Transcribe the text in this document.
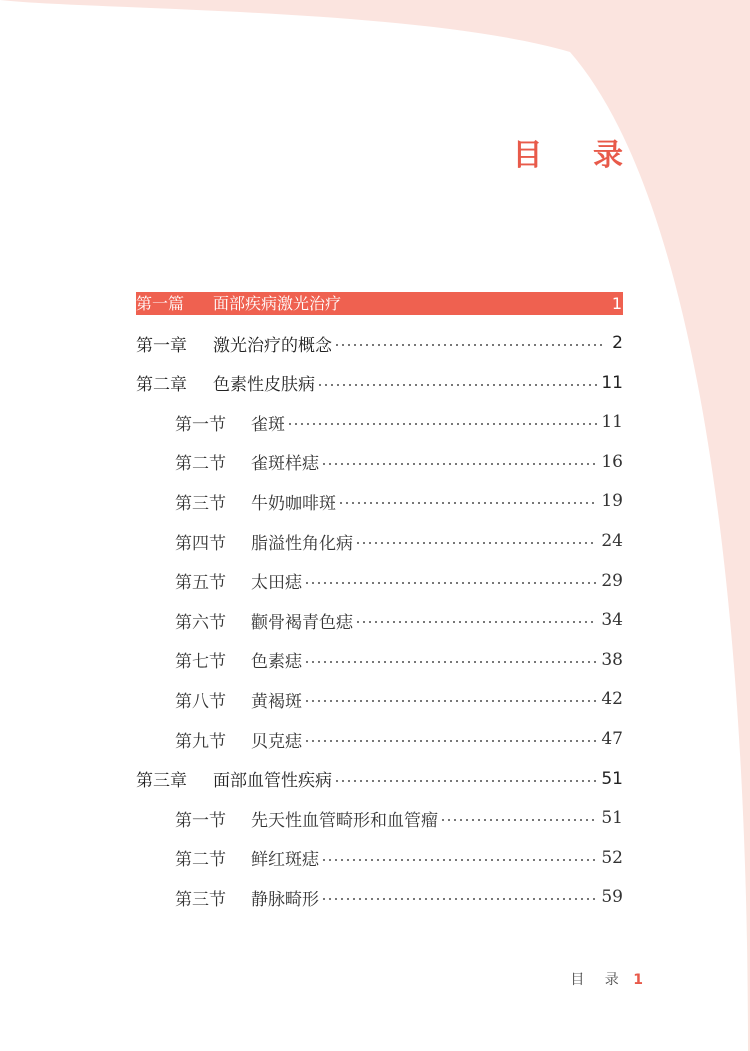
目 录
第一篇	面部疾病激光治疗	1
第一章	激光治疗的概念	2
第二章	色素性皮肤病	11
第一节	雀斑	11
第二节	雀斑样痣	16
第三节	牛奶咖啡斑	19
第四节	脂溢性角化病	24
第五节	太田痣	29
第六节	颧骨褐青色痣	34
第七节	色素痣	38
第八节	黄褐斑	42
第九节	贝克痣	47
第三章	面部血管性疾病	51
第一节	先天性血管畸形和血管瘤	51
第二节	鲜红斑痣	52
第三节	静脉畸形	59
目 录 1
